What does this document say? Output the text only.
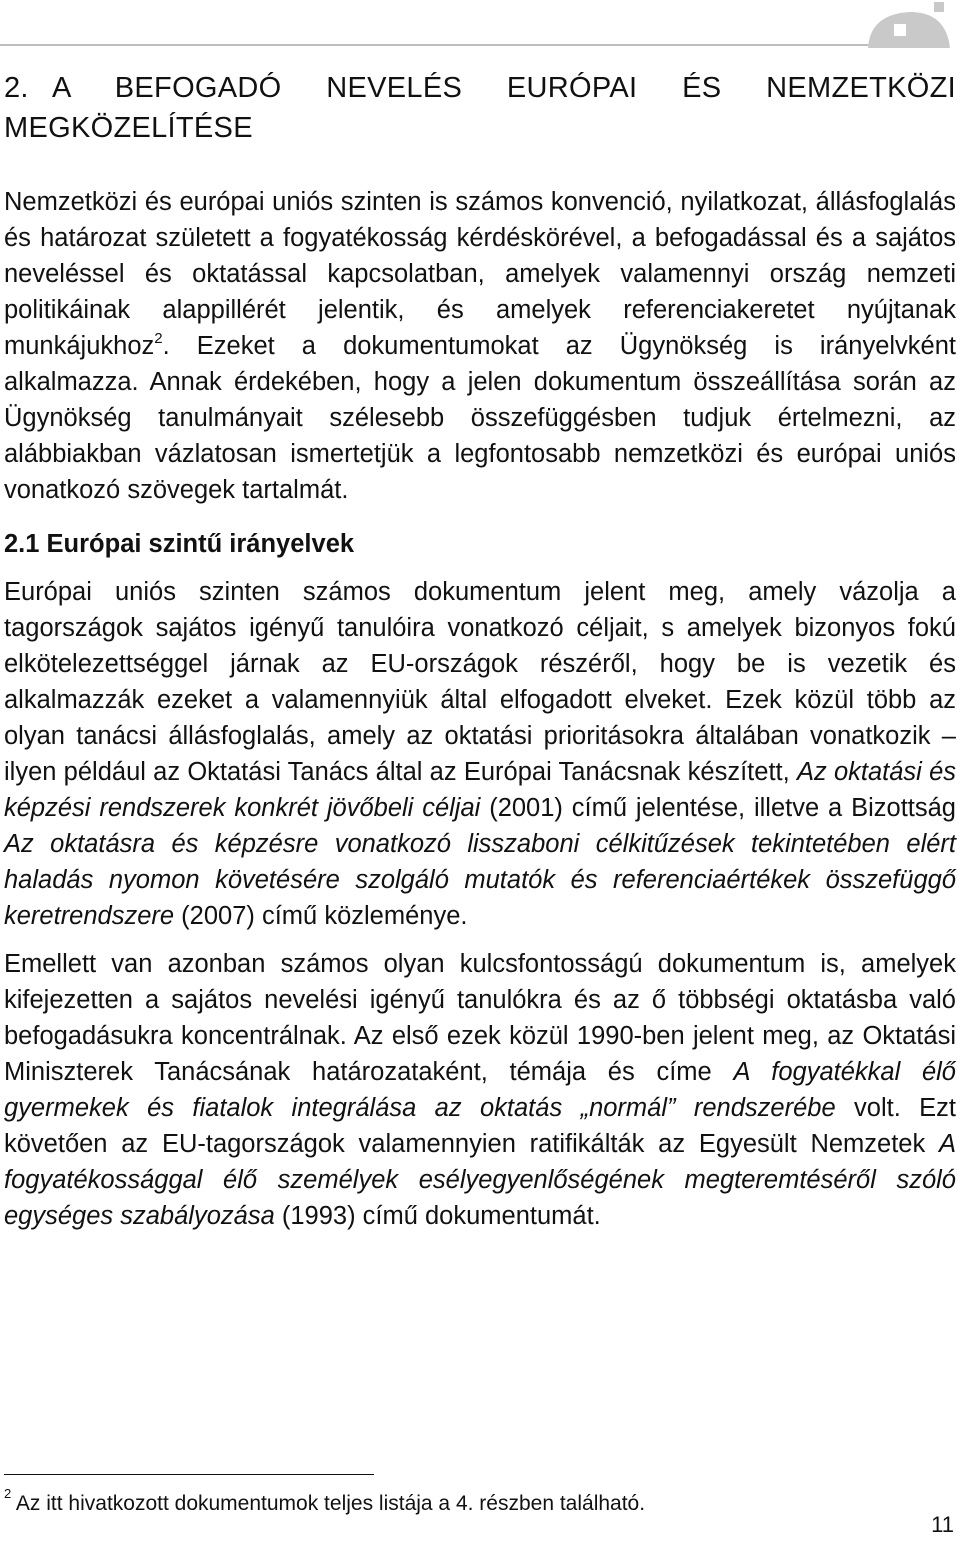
2. A BEFOGADÓ NEVELÉS EURÓPAI ÉS NEMZETKÖZI MEGKÖZELÍTÉSE

Nemzetközi és európai uniós szinten is számos konvenció, nyilatkozat, állásfoglalás és határozat született a fogyatékosság kérdéskörével, a befogadással és a sajátos neveléssel és oktatással kapcsolatban, amelyek valamennyi ország nemzeti politikáinak alappillérét jelentik, és amelyek referenciakeretet nyújtanak munkájukhoz$^2$. Ezeket a dokumentumokat az Ügynökség is irányelvként alkalmazza. Annak érdekében, hogy a jelen dokumentum összeállítása során az Ügynökség tanulmányait szélesebb összefüggésben tudjuk értelmezni, az alábbiakban vázlatosan ismertetjük a legfontosabb nemzetközi és európai uniós vonatkozó szövegek tartalmát.

2.1 Európai szintű irányelvek

Európai uniós szinten számos dokumentum jelent meg, amely vázolja a tagországok sajátos igényű tanulóira vonatkozó céljait, s amelyek bizonyos fokú elkötelezettséggel járnak az EU-országok részéről, hogy be is vezetik és alkalmazzák ezeket a valamennyiük által elfogadott elveket. Ezek közül több az olyan tanácsi állásfoglalás, amely az oktatási prioritásokra általában vonatkozik – ilyen például az Oktatási Tanács által az Európai Tanácsnak készített, Az oktatási és képzési rendszerek konkrét jövőbeli céljai (2001) című jelentése, illetve a Bizottság Az oktatásra és képzésre vonatkozó lisszaboni célkitűzések tekintetében elért haladás nyomon követésére szolgáló mutatók és referenciaértékek összefüggő keretrendszere (2007) című közleménye.

Emellett van azonban számos olyan kulcsfontosságú dokumentum is, amelyek kifejezetten a sajátos nevelési igényű tanulókra és az ő többségi oktatásba való befogadásukra koncentrálnak. Az első ezek közül 1990-ben jelent meg, az Oktatási Miniszterek Tanácsának határozataként, témája és címe A fogyatékkal élő gyermekek és fiatalok integrálása az oktatás „normál” rendszerébe volt. Ezt követően az EU-tagországok valamennyien ratifikálták az Egyesült Nemzetek A fogyatékossággal élő személyek esélyegyenlőségének megteremtéséről szóló egységes szabályozása (1993) című dokumentumát.

$^2$ Az itt hivatkozott dokumentumok teljes listája a 4. részben található.
11
